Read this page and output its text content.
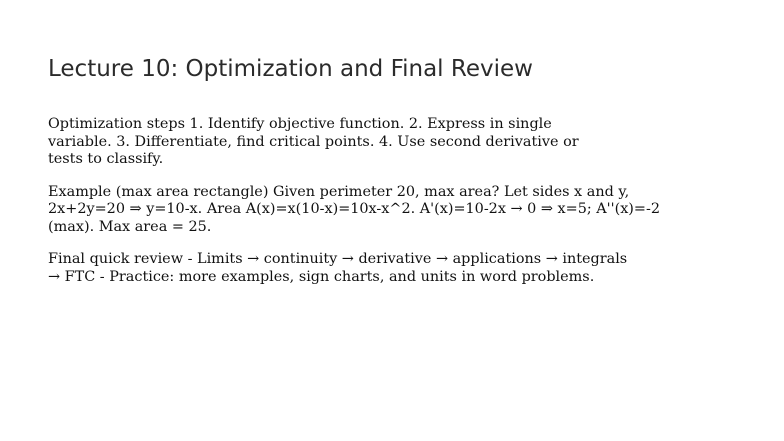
Lecture 10: Optimization and Final Review

Optimization steps 1. Identify objective function. 2. Express in single
variable. 3. Differentiate, find critical points. 4. Use second derivative or
tests to classify.

Example (max area rectangle) Given perimeter 20, max area? Let sides x and y,
2x+2y=20 ⇒ y=10-x. Area A(x)=x(10-x)=10x-x^2. A'(x)=10-2x → 0 ⇒ x=5; A''(x)=-2
(max). Max area = 25.

Final quick review - Limits → continuity → derivative → applications → integrals
→ FTC - Practice: more examples, sign charts, and units in word problems.
